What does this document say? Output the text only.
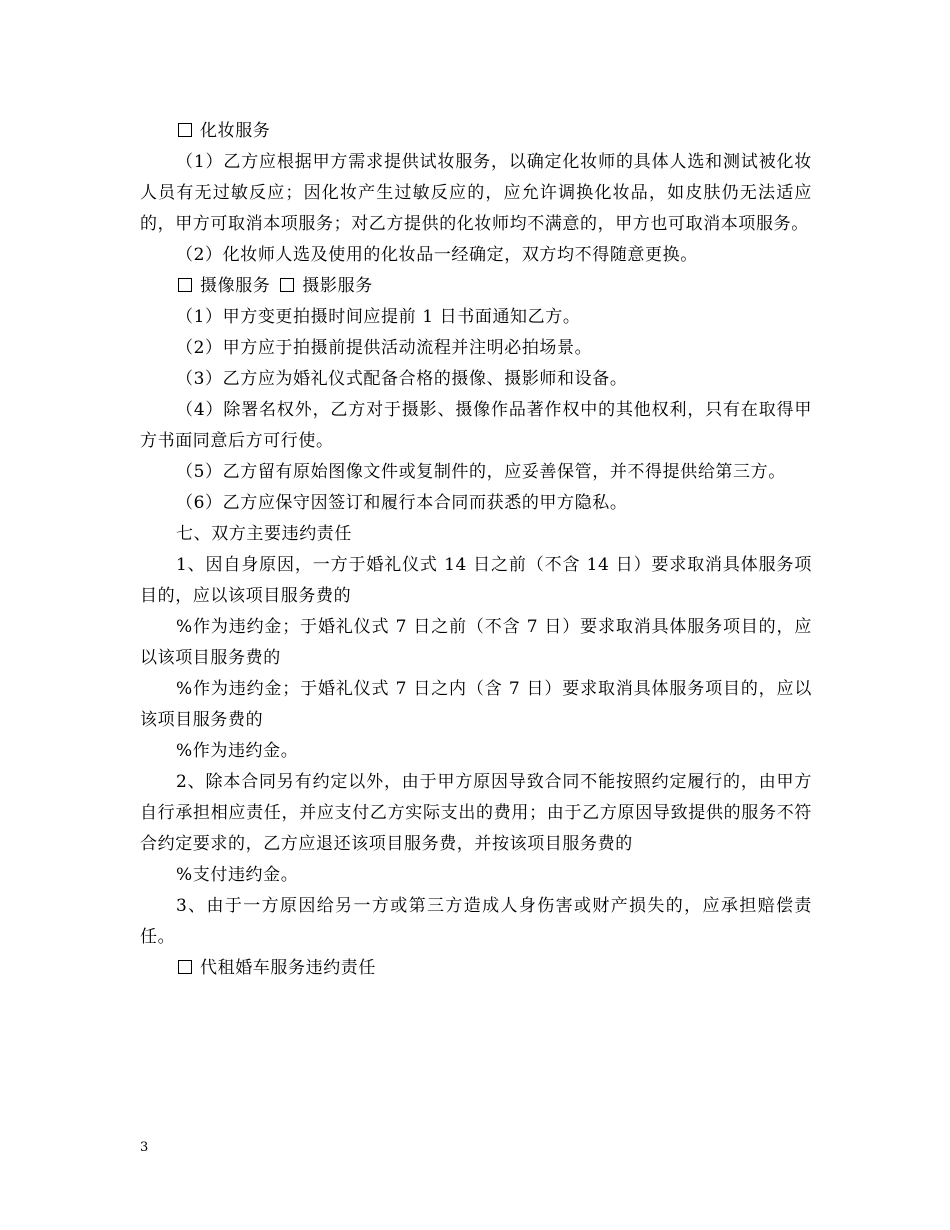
化妆服务

（1）乙方应根据甲方需求提供试妆服务，以确定化妆师的具体人选和测试被化妆人员有无过敏反应；因化妆产生过敏反应的，应允许调换化妆品，如皮肤仍无法适应的，甲方可取消本项服务；对乙方提供的化妆师均不满意的，甲方也可取消本项服务。

（2）化妆师人选及使用的化妆品一经确定，双方均不得随意更换。

摄像服务 摄影服务

（1）甲方变更拍摄时间应提前 1 日书面通知乙方。

（2）甲方应于拍摄前提供活动流程并注明必拍场景。

（3）乙方应为婚礼仪式配备合格的摄像、摄影师和设备。

（4）除署名权外，乙方对于摄影、摄像作品著作权中的其他权利，只有在取得甲方书面同意后方可行使。

（5）乙方留有原始图像文件或复制件的，应妥善保管，并不得提供给第三方。

（6）乙方应保守因签订和履行本合同而获悉的甲方隐私。

七、双方主要违约责任

1、因自身原因，一方于婚礼仪式 14 日之前（不含 14 日）要求取消具体服务项目的，应以该项目服务费的

%作为违约金；于婚礼仪式 7 日之前（不含 7 日）要求取消具体服务项目的，应以该项目服务费的

%作为违约金；于婚礼仪式 7 日之内（含 7 日）要求取消具体服务项目的，应以该项目服务费的

%作为违约金。

2、除本合同另有约定以外，由于甲方原因导致合同不能按照约定履行的，由甲方自行承担相应责任，并应支付乙方实际支出的费用；由于乙方原因导致提供的服务不符合约定要求的，乙方应退还该项目服务费，并按该项目服务费的

%支付违约金。

3、由于一方原因给另一方或第三方造成人身伤害或财产损失的，应承担赔偿责任。

代租婚车服务违约责任

3
